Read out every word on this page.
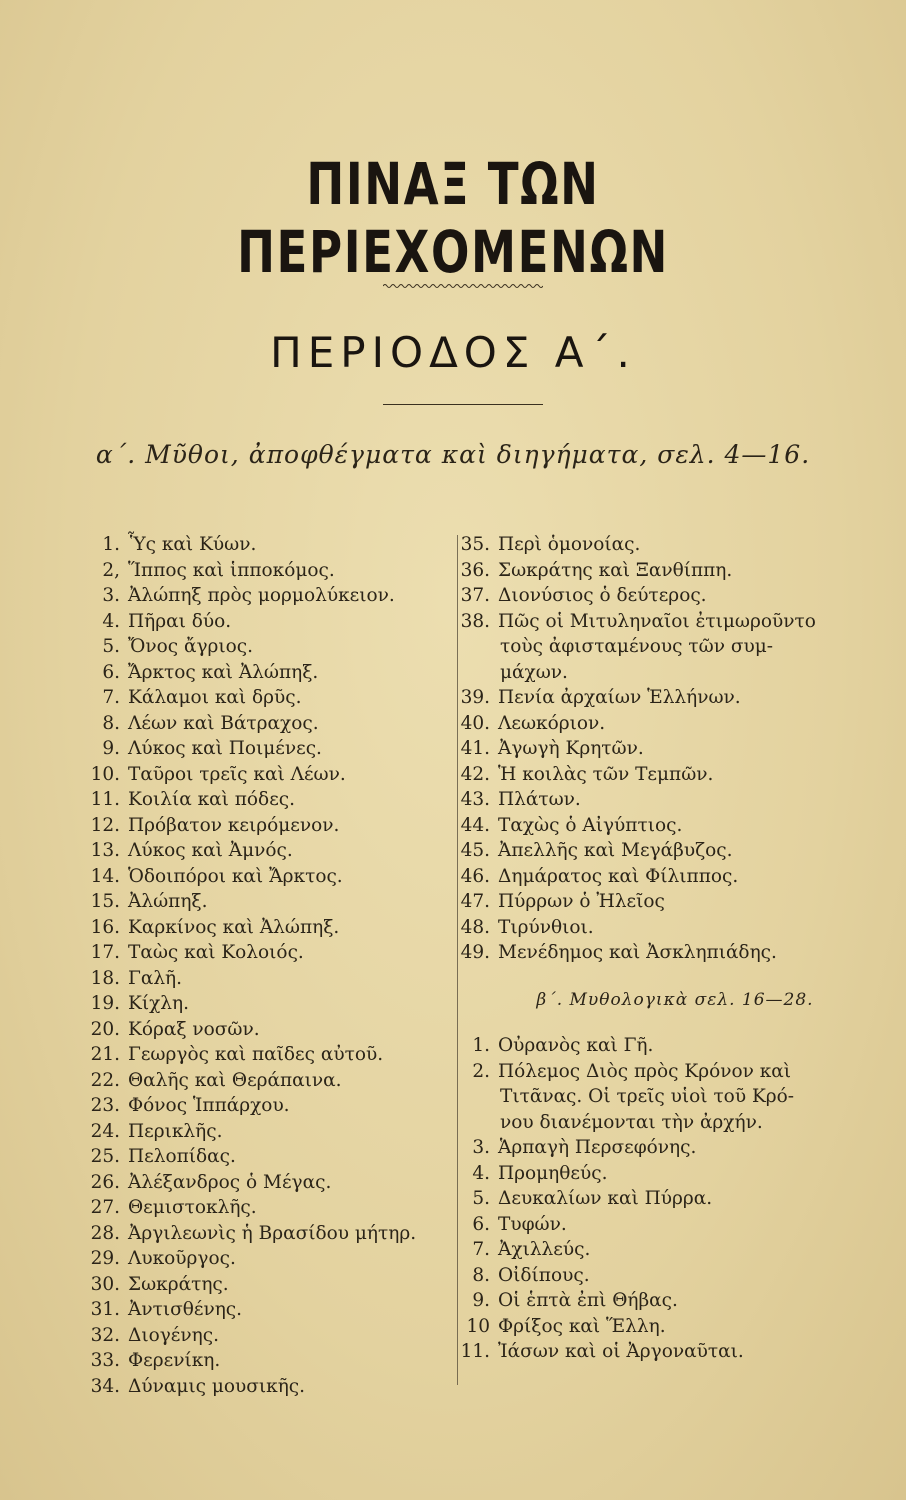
ΠΙΝΑΞ ΤΩΝ ΠΕΡΙΕΧΟΜΕΝΩΝ
ΠΕΡΙΟΔΟΣ Α΄.
α΄. Μῦθοι, ἀποφθέγματα καὶ διηγήματα, σελ. 4—16.
1. Ὗς καὶ Κύων.
2, Ἵππος καὶ ἱπποκόμος.
3. Ἀλώπηξ πρὸς μορμολύκειον.
4. Πῆραι δύο.
5. Ὄνος ἄγριος.
6. Ἄρκτος καὶ Ἀλώπηξ.
7. Κάλαμοι καὶ δρῦς.
8. Λέων καὶ Βάτραχος.
9. Λύκος καὶ Ποιμένες.
10. Ταῦροι τρεῖς καὶ Λέων.
11. Κοιλία καὶ πόδες.
12. Πρόβατον κειρόμενον.
13. Λύκος καὶ Ἀμνός.
14. Ὁδοιπόροι καὶ Ἄρκτος.
15. Ἀλώπηξ.
16. Καρκίνος καὶ Ἀλώπηξ.
17. Ταὼς καὶ Κολοιός.
18. Γαλῆ.
19. Κίχλη.
20. Κόραξ νοσῶν.
21. Γεωργὸς καὶ παῖδες αὐτοῦ.
22. Θαλῆς καὶ Θεράπαινα.
23. Φόνος Ἱππάρχου.
24. Περικλῆς.
25. Πελοπίδας.
26. Ἀλέξανδρος ὁ Μέγας.
27. Θεμιστοκλῆς.
28. Ἀργιλεωνὶς ἡ Βρασίδου μήτηρ.
29. Λυκοῦργος.
30. Σωκράτης.
31. Ἀντισθένης.
32. Διογένης.
33. Φερενίκη.
34. Δύναμις μουσικῆς.
35. Περὶ ὁμονοίας.
36. Σωκράτης καὶ Ξανθίππη.
37. Διονύσιος ὁ δεύτερος.
38. Πῶς οἱ Μιτυληναῖοι ἐτιμωροῦντο
τοὺς ἀφισταμένους τῶν συμ-
μάχων.
39. Πενία ἀρχαίων Ἑλλήνων.
40. Λεωκόριον.
41. Ἀγωγὴ Κρητῶν.
42. Ἡ κοιλὰς τῶν Τεμπῶν.
43. Πλάτων.
44. Ταχὼς ὁ Αἰγύπτιος.
45. Ἀπελλῆς καὶ Μεγάβυζος.
46. Δημάρατος καὶ Φίλιππος.
47. Πύρρων ὁ Ἠλεῖος
48. Τιρύνθιοι.
49. Μενέδημος καὶ Ἀσκληπιάδης.
β΄. Μυθολογικὰ σελ. 16—28.
1. Οὐρανὸς καὶ Γῆ.
2. Πόλεμος Διὸς πρὸς Κρόνον καὶ
Τιτᾶνας. Οἱ τρεῖς υἱοὶ τοῦ Κρό-
νου διανέμονται τὴν ἀρχήν.
3. Ἁρπαγὴ Περσεφόνης.
4. Προμηθεύς.
5. Δευκαλίων καὶ Πύρρα.
6. Τυφών.
7. Ἀχιλλεύς.
8. Οἰδίπους.
9. Οἱ ἑπτὰ ἐπὶ Θήβας.
10 Φρίξος καὶ Ἕλλη.
11. Ἰάσων καὶ οἱ Ἀργοναῦται.
